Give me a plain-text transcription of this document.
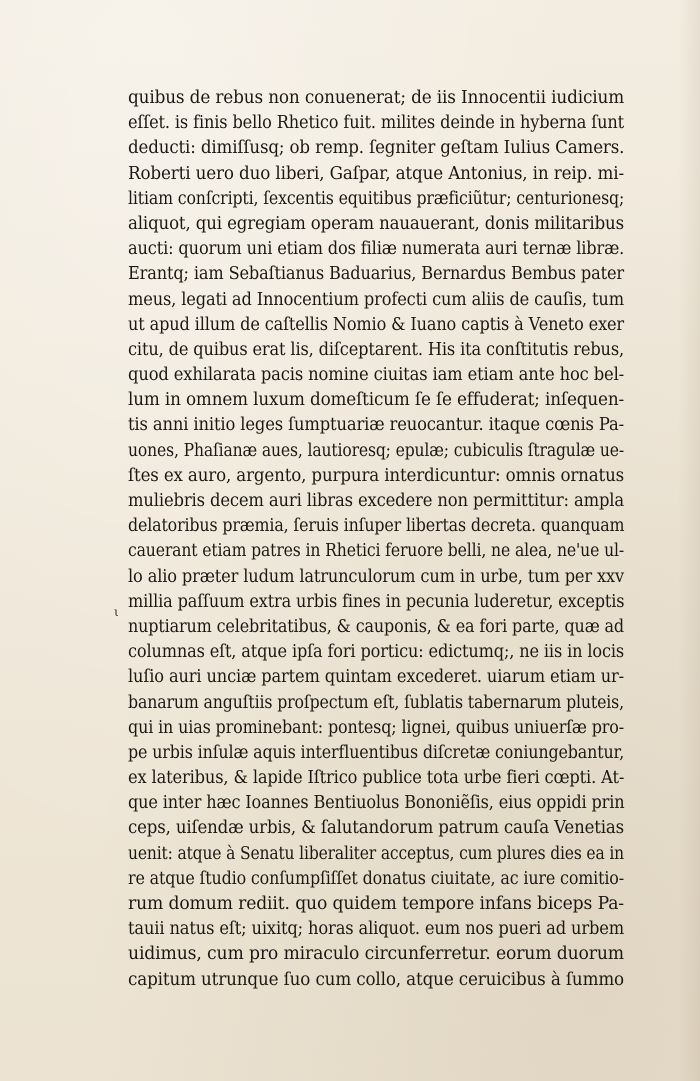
ι
quibus de rebus non conuenerat; de iis Innocentii iudicium
eſſet. is finis bello Rhetico fuit. milites deinde in hyberna ſunt
deducti: dimiſſusq; ob remp. ſegniter geſtam Iulius Camers.
Roberti uero duo liberi, Gaſpar, atque Antonius, in reip. mi‑
litiam conſcripti, ſexcentis equitibus præficiũtur; centurionesq;
aliquot, qui egregiam operam nauauerant, donis militaribus
aucti: quorum uni etiam dos filiæ numerata auri ternæ libræ.
Erantq; iam Sebaſtianus Baduarius, Bernardus Bembus pater
meus, legati ad Innocentium profecti cum aliis de cauſis, tum
ut apud illum de caſtellis Nomio & Iuano captis à Veneto exer
citu, de quibus erat lis, diſceptarent. His ita conſtitutis rebus,
quod exhilarata pacis nomine ciuitas iam etiam ante hoc bel‑
lum in omnem luxum domeſticum ſe ſe effuderat; inſequen‑
tis anni initio leges ſumptuariæ reuocantur. itaque cœnis Pa‑
uones, Phaſianæ aues, lautioresq; epulæ; cubiculis ſtragulæ ue‑
ſtes ex auro, argento, purpura interdicuntur: omnis ornatus
muliebris decem auri libras excedere non permittitur: ampla
delatoribus præmia, ſeruis inſuper libertas decreta. quanquam
cauerant etiam patres in Rhetici feruore belli, ne alea, ne'ue ul‑
lo alio præter ludum latrunculorum cum in urbe, tum per xxv
millia paſſuum extra urbis fines in pecunia luderetur, exceptis
nuptiarum celebritatibus, & cauponis, & ea fori parte, quæ ad
columnas eſt, atque ipſa fori porticu: edictumq;, ne iis in locis
luſio auri unciæ partem quintam excederet. uiarum etiam ur‑
banarum anguſtiis proſpectum eſt, ſublatis tabernarum pluteis,
qui in uias prominebant: pontesq; lignei, quibus uniuerſæ pro‑
pe urbis inſulæ aquis interfluentibus diſcretæ coniungebantur,
ex lateribus, & lapide Iſtrico publice tota urbe fieri cœpti. At‑
que inter hæc Ioannes Bentiuolus Bononiẽſis, eius oppidi prin
ceps, uiſendæ urbis, & ſalutandorum patrum cauſa Venetias
uenit: atque à Senatu liberaliter acceptus, cum plures dies ea in
re atque ſtudio conſumpſiſſet donatus ciuitate, ac iure comitio‑
rum domum rediit. quo quidem tempore infans biceps Pa‑
tauii natus eſt; uixitq; horas aliquot. eum nos pueri ad urbem
uidimus, cum pro miraculo circunferretur. eorum duorum
capitum utrunque ſuo cum collo, atque ceruicibus à ſummo
